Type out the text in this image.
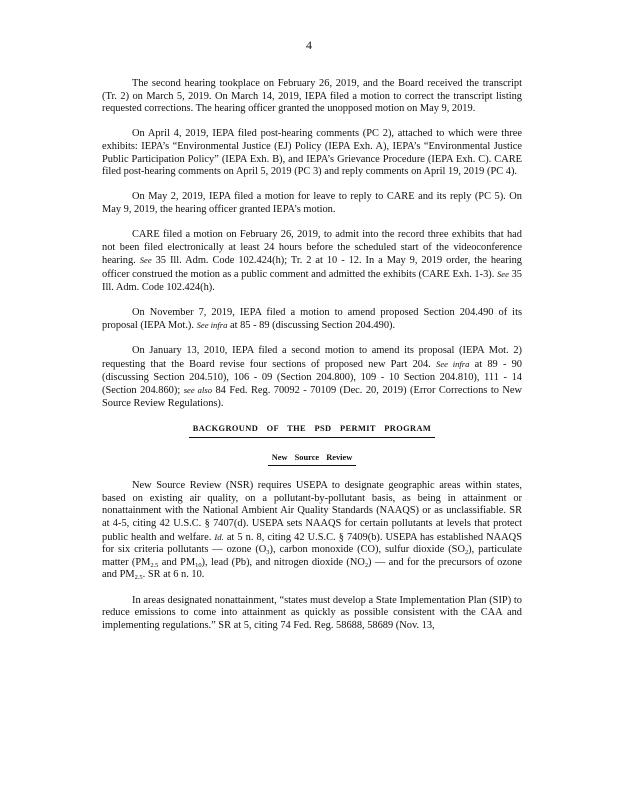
4

The second hearing tookplace on February 26, 2019, and the Board received the transcript (Tr. 2) on March 5, 2019. On March 14, 2019, IEPA filed a motion to correct the transcript listing requested corrections. The hearing officer granted the unopposed motion on May 9, 2019.

On April 4, 2019, IEPA filed post-hearing comments (PC 2), attached to which were three exhibits: IEPA’s “Environmental Justice (EJ) Policy (IEPA Exh. A), IEPA’s “Environmental Justice Public Participation Policy” (IEPA Exh. B), and IEPA’s Grievance Procedure (IEPA Exh. C). CARE filed post-hearing comments on April 5, 2019 (PC 3) and reply comments on April 19, 2019 (PC 4).

On May 2, 2019, IEPA filed a motion for leave to reply to CARE and its reply (PC 5). On May 9, 2019, the hearing officer granted IEPA’s motion.

CARE filed a motion on February 26, 2019, to admit into the record three exhibits that had not been filed electronically at least 24 hours before the scheduled start of the videoconference hearing. See 35 Ill. Adm. Code 102.424(h); Tr. 2 at 10 - 12. In a May 9, 2019 order, the hearing officer construed the motion as a public comment and admitted the exhibits (CARE Exh. 1-3). See 35 Ill. Adm. Code 102.424(h).

On November 7, 2019, IEPA filed a motion to amend proposed Section 204.490 of its proposal (IEPA Mot.). See infra at 85 - 89 (discussing Section 204.490).

On January 13, 2010, IEPA filed a second motion to amend its proposal (IEPA Mot. 2) requesting that the Board revise four sections of proposed new Part 204. See infra at 89 - 90 (discussing Section 204.510), 106 - 09 (Section 204.800), 109 - 10 Section 204.810), 111 - 14 (Section 204.860); see also 84 Fed. Reg. 70092 - 70109 (Dec. 20, 2019) (Error Corrections to New Source Review Regulations).

BACKGROUND OF THE PSD PERMIT PROGRAM
New Source Review

New Source Review (NSR) requires USEPA to designate geographic areas within states, based on existing air quality, on a pollutant-by-pollutant basis, as being in attainment or nonattainment with the National Ambient Air Quality Standards (NAAQS) or as unclassifiable. SR at 4-5, citing 42 U.S.C. § 7407(d). USEPA sets NAAQS for certain pollutants at levels that protect public health and welfare. Id. at 5 n. 8, citing 42 U.S.C. § 7409(b). USEPA has established NAAQS for six criteria pollutants — ozone $(O_3)$, carbon monoxide (CO), sulfur dioxide $(SO_2)$, particulate matter ($PM_{2.5}$ and $PM_{10}$), lead (Pb), and nitrogen dioxide $(NO_2)$ — and for the precursors of ozone and $PM_{2.5}$. SR at 6 n. 10.

In areas designated nonattainment, “states must develop a State Implementation Plan (SIP) to reduce emissions to come into attainment as quickly as possible consistent with the CAA and implementing regulations.” SR at 5, citing 74 Fed. Reg. 58688, 58689 (Nov. 13,
